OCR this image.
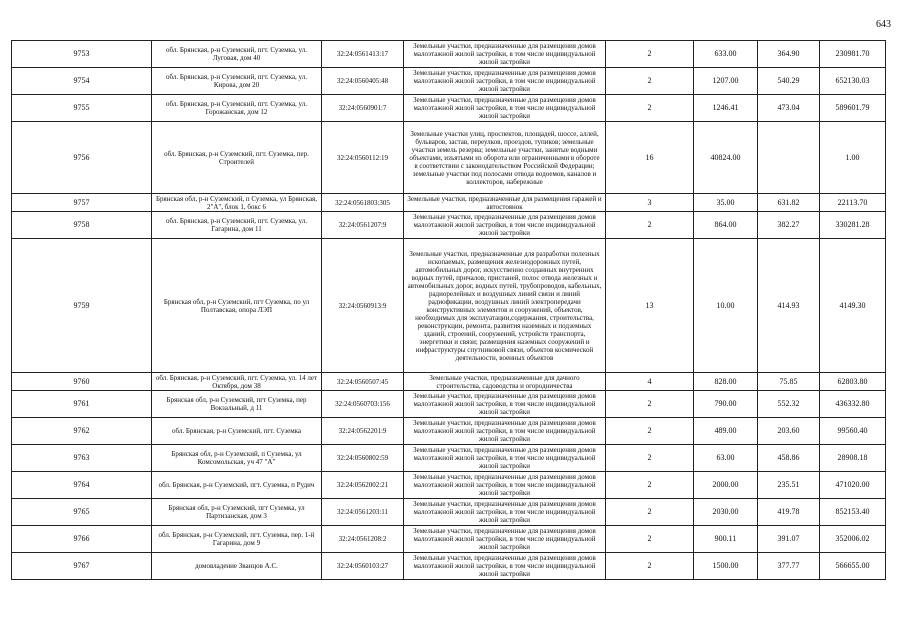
643
9753	обл. Брянская, р-н Суземский, пгт. Суземка, ул. Луговая, дом 40	32:24:0561413:17	Земельные участки, предназначенные для размещения домов малоэтажной жилой застройки, в том числе индивидуальной жилой застройки	2	633.00	364.90	230981.70
9754	обл. Брянская, р-н Суземский, пгт. Суземка, ул. Кирова, дом 20	32:24:0560405:48	Земельные участки, предназначенные для размещения домов малоэтажной жилой застройки, в том числе индивидуальной жилой застройки	2	1207.00	540.29	652130.03
9755	обл. Брянская, р-н Суземский, пгт. Суземка, ул. Горожанская, дом 12	32:24:0560901:7	Земельные участки, предназначенные для размещения домов малоэтажной жилой застройки, в том числе индивидуальной жилой застройки	2	1246.41	473.04	589601.79
9756	обл. Брянская, р-н Суземский, пгт. Суземка, пер. Строителей	32:24:0560112:19	Земельные участки улиц, проспектов, площадей, шоссе, аллей, бульваров, застав, переулков, проездов, тупиков; земельные участки земель резерва; земельные участки, занятые водными объектами, изъятыми из оборота или ограниченными в обороте в соответствии с законодательством Российской Федерации; земельные участки под полосами отвода водоемов, каналов и коллекторов, набережные	16	40824.00		1.00
9757	Брянская обл, р-н Суземский, п Суземка, ул Брянская, 2"А", блок 1, бокс 6	32:24:0561803:305	Земельные участки, предназначенные для размещения гаражей и автостоянок	3	35.00	631.82	22113.70
9758	обл. Брянская, р-н Суземский, пгт. Суземка, ул. Гагарина, дом 11	32:24:0561207:9	Земельные участки, предназначенные для размещения домов малоэтажной жилой застройки, в том числе индивидуальной жилой застройки	2	864.00	382.27	330281.28
9759	Брянская обл, р-н Суземский, пгт Суземка, по ул Полтавская, опора ЛЭП	32:24:0560913:9	Земельные участки, предназначенные для разработки полезных ископаемых, размещения железнодорожных путей, автомобильных дорог, искусственно созданных внутренних водных путей, причалов, пристаней, полос отвода железных и автомобильных дорог, водных путей, трубопроводов, кабельных, радиорелейных и воздушных линий связи и линий радиофикации, воздушных линий электропередачи конструктивных элементов и сооружений, объектов, необходимых для эксплуатации,содержания, строительства, реконструкции, ремонта, развития наземных и подземных зданий, строений, сооружений, устройств транспорта, энергетики и связи; размещения наземных сооружений и инфраструктуры спутниковой связи, объектов космической деятельности, военных объектов	13	10.00	414.93	4149.30
9760	обл. Брянская, р-н Суземский, пгт. Суземка, ул. 14 лет Октября, дом 38	32:24:0560507:45	Земельные участки, предназначенные для дачного строительства, садоводства и огородничества	4	828.00	75.85	62803.80
9761	Брянская обл, р-н Суземский, пгт Суземка, пер Вокзальный, д 11	32:24:0560703:156	Земельные участки, предназначенные для размещения домов малоэтажной жилой застройки, в том числе индивидуальной жилой застройки	2	790.00	552.32	436332.80
9762	обл. Брянская, р-н Суземский, пгт. Суземка	32:24:0562201:9	Земельные участки, предназначенные для размещения домов малоэтажной жилой застройки, в том числе индивидуальной жилой застройки	2	489.00	203.60	99560.40
9763	Брянская обл, р-н Суземский, п Суземка, ул Комсомольская, уч 47 "А"	32:24:0560802:59	Земельные участки, предназначенные для размещения домов малоэтажной жилой застройки, в том числе индивидуальной жилой застройки	2	63.00	458.86	28908.18
9764	обл. Брянская, р-н Суземский, пгт. Суземка, п Рудич	32:24:0562002:21	Земельные участки, предназначенные для размещения домов малоэтажной жилой застройки, в том числе индивидуальной жилой застройки	2	2000.00	235.51	471020.00
9765	Брянская обл, р-н Суземский, пгт Суземка, ул Партизанская, дом 3	32:24:0561203:11	Земельные участки, предназначенные для размещения домов малоэтажной жилой застройки, в том числе индивидуальной жилой застройки	2	2030.00	419.78	852153.40
9766	обл. Брянская, р-н Суземский, пгт. Суземка, пер. 1-й Гагарина, дом 9	32:24:0561208:2	Земельные участки, предназначенные для размещения домов малоэтажной жилой застройки, в том числе индивидуальной жилой застройки	2	900.11	391.07	352006.02
9767	домовладение Званцов А.С.	32:24:0560103:27	Земельные участки, предназначенные для размещения домов малоэтажной жилой застройки, в том числе индивидуальной жилой застройки	2	1500.00	377.77	566655.00
